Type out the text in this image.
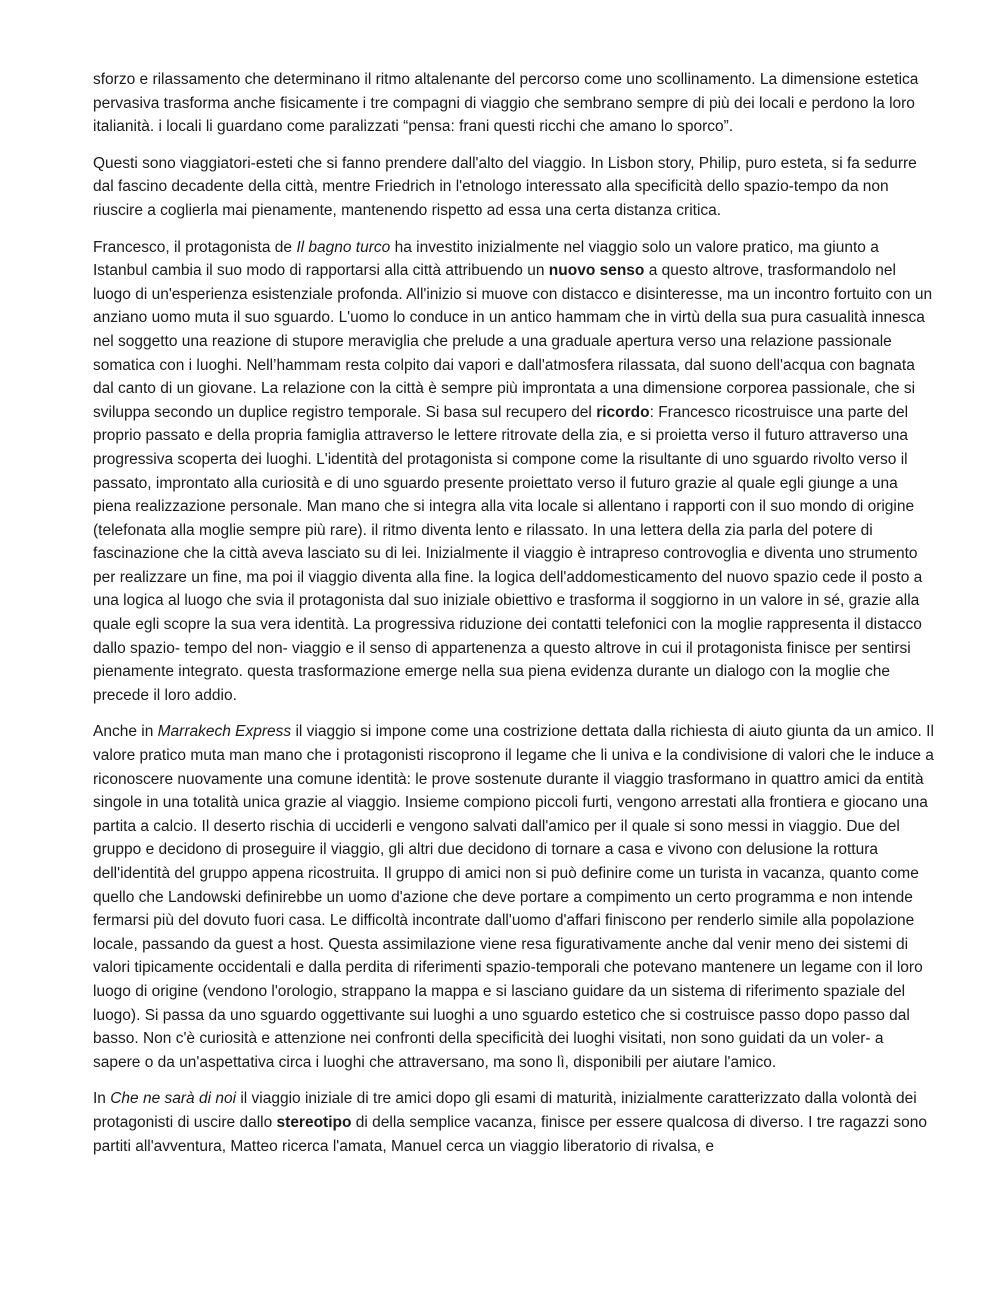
sforzo e rilassamento che determinano il ritmo altalenante del percorso come uno scollinamento. La dimensione estetica pervasiva trasforma anche fisicamente i tre compagni di viaggio che sembrano sempre di più dei locali e perdono la loro italianità. i locali li guardano come paralizzati “pensa: frani questi ricchi che amano lo sporco”.

Questi sono viaggiatori-esteti che si fanno prendere dall'alto del viaggio. In Lisbon story, Philip, puro esteta, si fa sedurre dal fascino decadente della città, mentre Friedrich in l'etnologo interessato alla specificità dello spazio-tempo da non riuscire a coglierla mai pienamente, mantenendo rispetto ad essa una certa distanza critica.

Francesco, il protagonista de Il bagno turco ha investito inizialmente nel viaggio solo un valore pratico, ma giunto a Istanbul cambia il suo modo di rapportarsi alla città attribuendo un nuovo senso a questo altrove, trasformandolo nel luogo di un'esperienza esistenziale profonda. All'inizio si muove con distacco e disinteresse, ma un incontro fortuito con un anziano uomo muta il suo sguardo. L'uomo lo conduce in un antico hammam che in virtù della sua pura casualità innesca nel soggetto una reazione di stupore meraviglia che prelude a una graduale apertura verso una relazione passionale somatica con i luoghi. Nell’hammam resta colpito dai vapori e dall'atmosfera rilassata, dal suono dell'acqua con bagnata dal canto di un giovane. La relazione con la città è sempre più improntata a una dimensione corporea passionale, che si sviluppa secondo un duplice registro temporale. Si basa sul recupero del ricordo: Francesco ricostruisce una parte del proprio passato e della propria famiglia attraverso le lettere ritrovate della zia, e si proietta verso il futuro attraverso una progressiva scoperta dei luoghi. L'identità del protagonista si compone come la risultante di uno sguardo rivolto verso il passato, improntato alla curiosità e di uno sguardo presente proiettato verso il futuro grazie al quale egli giunge a una piena realizzazione personale. Man mano che si integra alla vita locale si allentano i rapporti con il suo mondo di origine (telefonata alla moglie sempre più rare). il ritmo diventa lento e rilassato. In una lettera della zia parla del potere di fascinazione che la città aveva lasciato su di lei. Inizialmente il viaggio è intrapreso controvoglia e diventa uno strumento per realizzare un fine, ma poi il viaggio diventa alla fine. la logica dell'addomesticamento del nuovo spazio cede il posto a una logica al luogo che svia il protagonista dal suo iniziale obiettivo e trasforma il soggiorno in un valore in sé, grazie alla quale egli scopre la sua vera identità. La progressiva riduzione dei contatti telefonici con la moglie rappresenta il distacco dallo spazio- tempo del non- viaggio e il senso di appartenenza a questo altrove in cui il protagonista finisce per sentirsi pienamente integrato. questa trasformazione emerge nella sua piena evidenza durante un dialogo con la moglie che precede il loro addio.

Anche in Marrakech Express il viaggio si impone come una costrizione dettata dalla richiesta di aiuto giunta da un amico. Il valore pratico muta man mano che i protagonisti riscoprono il legame che li univa e la condivisione di valori che le induce a riconoscere nuovamente una comune identità: le prove sostenute durante il viaggio trasformano in quattro amici da entità singole in una totalità unica grazie al viaggio. Insieme compiono piccoli furti, vengono arrestati alla frontiera e giocano una partita a calcio. Il deserto rischia di ucciderli e vengono salvati dall'amico per il quale si sono messi in viaggio. Due del gruppo e decidono di proseguire il viaggio, gli altri due decidono di tornare a casa e vivono con delusione la rottura dell'identità del gruppo appena ricostruita. Il gruppo di amici non si può definire come un turista in vacanza, quanto come quello che Landowski definirebbe un uomo d'azione che deve portare a compimento un certo programma e non intende fermarsi più del dovuto fuori casa. Le difficoltà incontrate dall'uomo d'affari finiscono per renderlo simile alla popolazione locale, passando da guest a host. Questa assimilazione viene resa figurativamente anche dal venir meno dei sistemi di valori tipicamente occidentali e dalla perdita di riferimenti spazio-temporali che potevano mantenere un legame con il loro luogo di origine (vendono l'orologio, strappano la mappa e si lasciano guidare da un sistema di riferimento spaziale del luogo). Si passa da uno sguardo oggettivante sui luoghi a uno sguardo estetico che si costruisce passo dopo passo dal basso. Non c'è curiosità e attenzione nei confronti della specificità dei luoghi visitati, non sono guidati da un voler- a sapere o da un'aspettativa circa i luoghi che attraversano, ma sono lì, disponibili per aiutare l'amico.

In Che ne sarà di noi il viaggio iniziale di tre amici dopo gli esami di maturità, inizialmente caratterizzato dalla volontà dei protagonisti di uscire dallo stereotipo di della semplice vacanza, finisce per essere qualcosa di diverso. I tre ragazzi sono partiti all'avventura, Matteo ricerca l'amata, Manuel cerca un viaggio liberatorio di rivalsa, e
